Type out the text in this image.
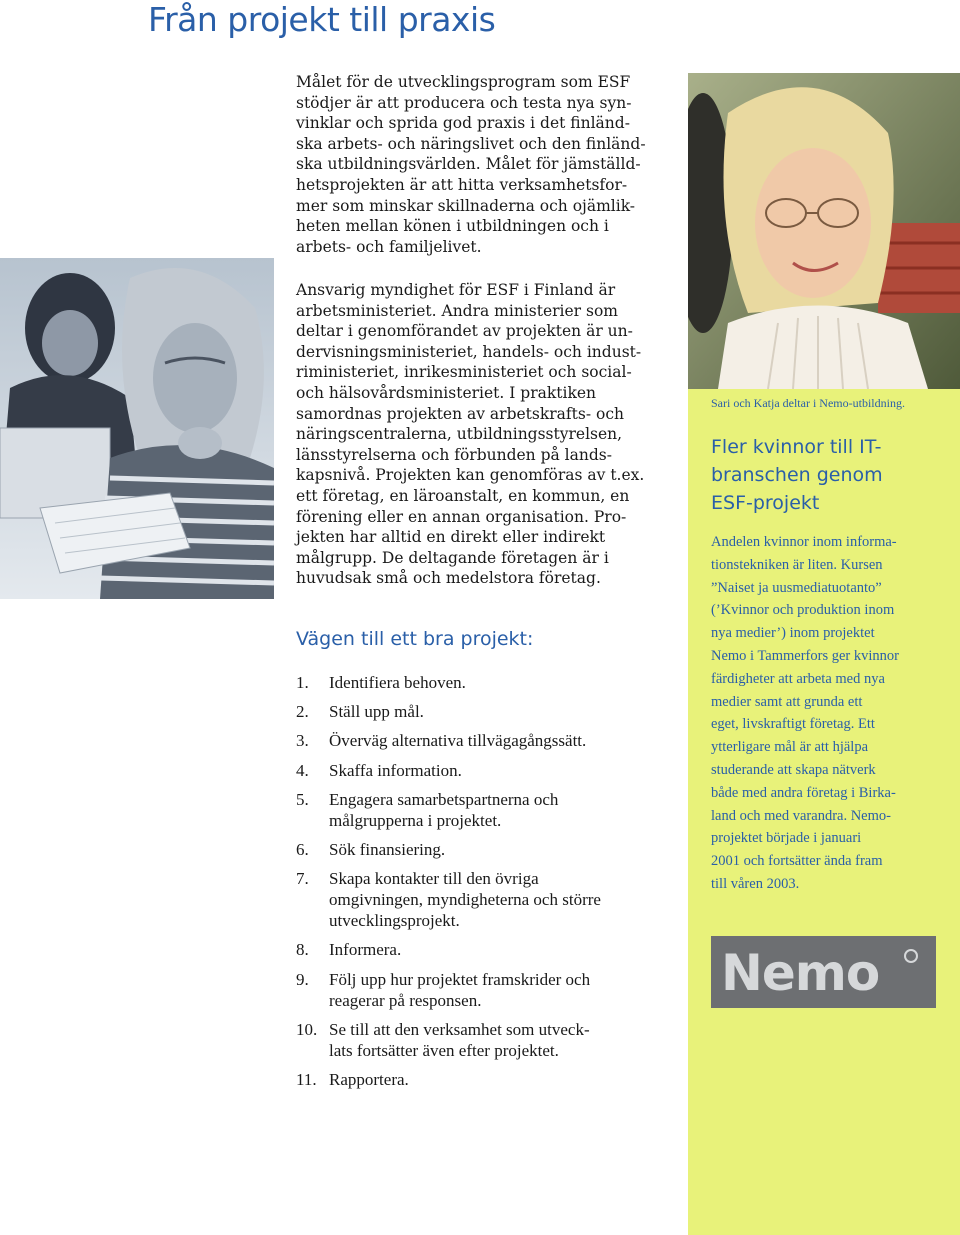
Från projekt till praxis
Sari och Katja deltar i Nemo-utbildning.
Fler kvinnor till IT-
branschen genom
ESF-projekt
Andelen kvinnor inom informa-
tionstekniken är liten. Kursen
”Naiset ja uusmediatuotanto”
(’Kvinnor och produktion inom
nya medier’) inom projektet
Nemo i Tammerfors ger kvinnor
färdigheter att arbeta med nya
medier samt att grunda ett
eget, livskraftigt företag. Ett
ytterligare mål är att hjälpa
studerande att skapa nätverk
både med andra företag i Birka-
land och med varandra. Nemo-
projektet började i januari
2001 och fortsätter ända fram
till våren 2003.
Nemo
Målet för de utvecklingsprogram som ESF
stödjer är att producera och testa nya syn-
vinklar och sprida god praxis i det finländ-
ska arbets- och näringslivet och den finländ-
ska utbildningsvärlden. Målet för jämställd-
hetsprojekten är att hitta verksamhetsfor-
mer som minskar skillnaderna och ojämlik-
heten mellan könen i utbildningen och i
arbets- och familjelivet.
Ansvarig myndighet för ESF i Finland är
arbetsministeriet. Andra ministerier som
deltar i genomförandet av projekten är un-
dervisningsministeriet, handels- och indust-
riministeriet, inrikesministeriet och social-
och hälsovårdsministeriet. I praktiken
samordnas projekten av arbetskrafts- och
näringscentralerna, utbildningsstyrelsen,
länsstyrelserna och förbunden på lands-
kapsnivå. Projekten kan genomföras av t.ex.
ett företag, en läroanstalt, en kommun, en
förening eller en annan organisation. Pro-
jekten har alltid en direkt eller indirekt
målgrupp. De deltagande företagen är i
huvudsak små och medelstora företag.
Vägen till ett bra projekt:
1.	Identifiera behoven.
2.	Ställ upp mål.
3.	Överväg alternativa tillvägagångssätt.
4.	Skaffa information.
5.	Engagera samarbetspartnerna och
målgrupperna i projektet.
6.	Sök finansiering.
7.	Skapa kontakter till den övriga
omgivningen, myndigheterna och större
utvecklingsprojekt.
8.	Informera.
9.	Följ upp hur projektet framskrider och
reagerar på responsen.
10. Se till att den verksamhet som utveck-
lats fortsätter även efter projektet.
11. Rapportera.
